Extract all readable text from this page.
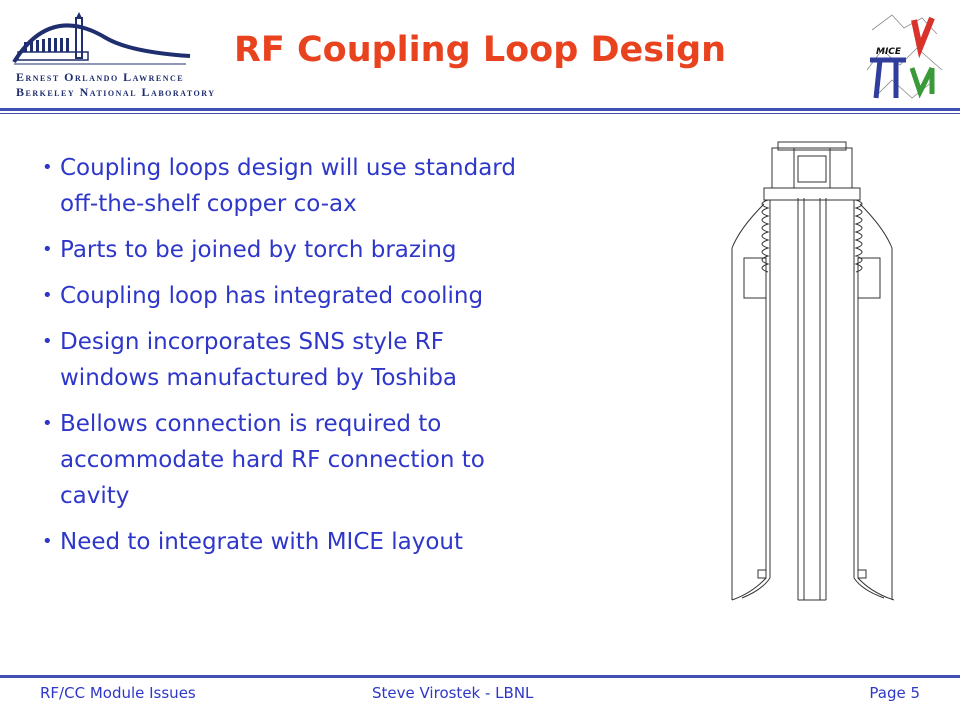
Ernest Orlando Lawrence
Berkeley National Laboratory
RF Coupling Loop Design	MICE
• Coupling loops design will use standard
off-the-shelf copper co-ax
• Parts to be joined by torch brazing
• Coupling loop has integrated cooling
• Design incorporates SNS style RF
windows manufactured by Toshiba
• Bellows connection is required to
accommodate hard RF connection to
cavity
• Need to integrate with MICE layout
RF/CC Module Issues	Steve Virostek - LBNL	Page 5
